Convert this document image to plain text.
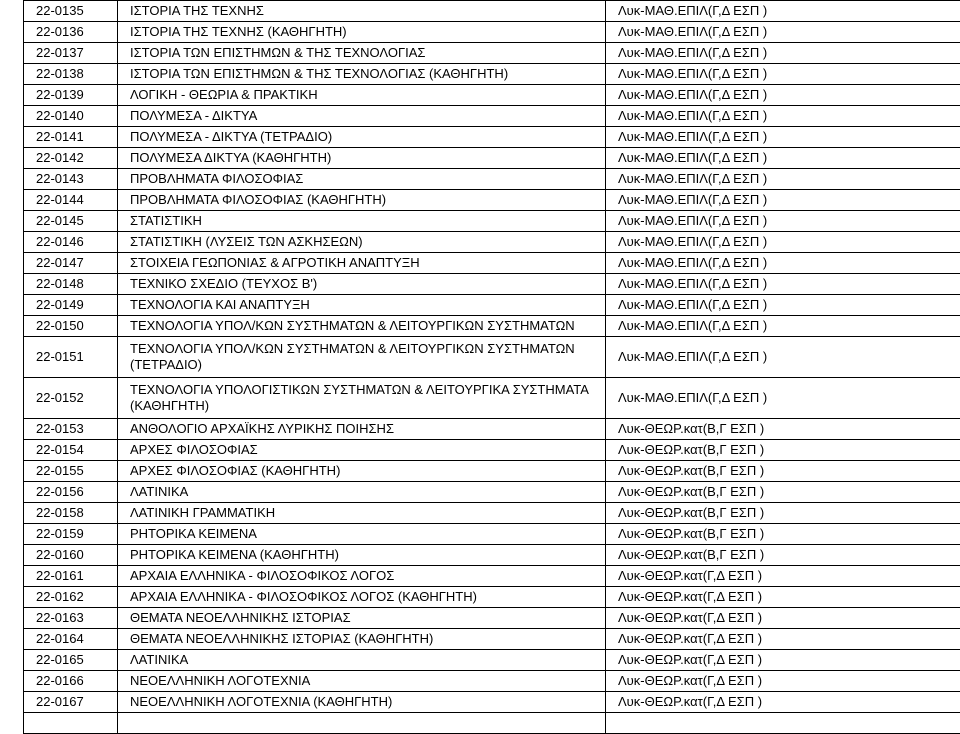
22-0135	ΙΣΤΟΡΙΑ ΤΗΣ ΤΕΧΝΗΣ	Λυκ-ΜΑΘ.ΕΠΙΛ(Γ,Δ ΕΣΠ )
22-0136	ΙΣΤΟΡΙΑ ΤΗΣ ΤΕΧΝΗΣ (ΚΑΘΗΓΗΤΗ)	Λυκ-ΜΑΘ.ΕΠΙΛ(Γ,Δ ΕΣΠ )
22-0137	ΙΣΤΟΡΙΑ ΤΩΝ ΕΠΙΣΤΗΜΩΝ & ΤΗΣ ΤΕΧΝΟΛΟΓΙΑΣ	Λυκ-ΜΑΘ.ΕΠΙΛ(Γ,Δ ΕΣΠ )
22-0138	ΙΣΤΟΡΙΑ ΤΩΝ ΕΠΙΣΤΗΜΩΝ & ΤΗΣ ΤΕΧΝΟΛΟΓΙΑΣ (ΚΑΘΗΓΗΤΗ)	Λυκ-ΜΑΘ.ΕΠΙΛ(Γ,Δ ΕΣΠ )
22-0139	ΛΟΓΙΚΗ - ΘΕΩΡΙΑ & ΠΡΑΚΤΙΚΗ	Λυκ-ΜΑΘ.ΕΠΙΛ(Γ,Δ ΕΣΠ )
22-0140	ΠΟΛΥΜΕΣΑ - ΔΙΚΤΥΑ	Λυκ-ΜΑΘ.ΕΠΙΛ(Γ,Δ ΕΣΠ )
22-0141	ΠΟΛΥΜΕΣΑ - ΔΙΚΤΥΑ (ΤΕΤΡΑΔΙΟ)	Λυκ-ΜΑΘ.ΕΠΙΛ(Γ,Δ ΕΣΠ )
22-0142	ΠΟΛΥΜΕΣΑ ΔΙΚΤΥΑ (ΚΑΘΗΓΗΤΗ)	Λυκ-ΜΑΘ.ΕΠΙΛ(Γ,Δ ΕΣΠ )
22-0143	ΠΡΟΒΛΗΜΑΤΑ ΦΙΛΟΣΟΦΙΑΣ	Λυκ-ΜΑΘ.ΕΠΙΛ(Γ,Δ ΕΣΠ )
22-0144	ΠΡΟΒΛΗΜΑΤΑ ΦΙΛΟΣΟΦΙΑΣ (ΚΑΘΗΓΗΤΗ)	Λυκ-ΜΑΘ.ΕΠΙΛ(Γ,Δ ΕΣΠ )
22-0145	ΣΤΑΤΙΣΤΙΚΗ	Λυκ-ΜΑΘ.ΕΠΙΛ(Γ,Δ ΕΣΠ )
22-0146	ΣΤΑΤΙΣΤΙΚΗ (ΛΥΣΕΙΣ ΤΩΝ ΑΣΚΗΣΕΩΝ)	Λυκ-ΜΑΘ.ΕΠΙΛ(Γ,Δ ΕΣΠ )
22-0147	ΣΤΟΙΧΕΙΑ ΓΕΩΠΟΝΙΑΣ & ΑΓΡΟΤΙΚΗ ΑΝΑΠΤΥΞΗ	Λυκ-ΜΑΘ.ΕΠΙΛ(Γ,Δ ΕΣΠ )
22-0148	ΤΕΧΝΙΚΟ ΣΧΕΔΙΟ (ΤΕΥΧΟΣ Β')	Λυκ-ΜΑΘ.ΕΠΙΛ(Γ,Δ ΕΣΠ )
22-0149	ΤΕΧΝΟΛΟΓΙΑ ΚΑΙ ΑΝΑΠΤΥΞΗ	Λυκ-ΜΑΘ.ΕΠΙΛ(Γ,Δ ΕΣΠ )
22-0150	ΤΕΧΝΟΛΟΓΙΑ ΥΠΟΛ/ΚΩΝ ΣΥΣΤΗΜΑΤΩΝ & ΛΕΙΤΟΥΡΓΙΚΩΝ ΣΥΣΤΗΜΑΤΩΝ	Λυκ-ΜΑΘ.ΕΠΙΛ(Γ,Δ ΕΣΠ )
22-0151	ΤΕΧΝΟΛΟΓΙΑ ΥΠΟΛ/ΚΩΝ ΣΥΣΤΗΜΑΤΩΝ & ΛΕΙΤΟΥΡΓΙΚΩΝ ΣΥΣΤΗΜΑΤΩΝ (ΤΕΤΡΑΔΙΟ)	Λυκ-ΜΑΘ.ΕΠΙΛ(Γ,Δ ΕΣΠ )
22-0152	ΤΕΧΝΟΛΟΓΙΑ ΥΠΟΛΟΓΙΣΤΙΚΩΝ ΣΥΣΤΗΜΑΤΩΝ & ΛΕΙΤΟΥΡΓΙΚΑ ΣΥΣΤΗΜΑΤΑ (ΚΑΘΗΓΗΤΗ)	Λυκ-ΜΑΘ.ΕΠΙΛ(Γ,Δ ΕΣΠ )
22-0153	ΑΝΘΟΛΟΓΙΟ ΑΡΧΑΪΚΗΣ ΛΥΡΙΚΗΣ ΠΟΙΗΣΗΣ	Λυκ-ΘΕΩΡ.κατ(Β,Γ ΕΣΠ )
22-0154	ΑΡΧΕΣ ΦΙΛΟΣΟΦΙΑΣ	Λυκ-ΘΕΩΡ.κατ(Β,Γ ΕΣΠ )
22-0155	ΑΡΧΕΣ ΦΙΛΟΣΟΦΙΑΣ (ΚΑΘΗΓΗΤΗ)	Λυκ-ΘΕΩΡ.κατ(Β,Γ ΕΣΠ )
22-0156	ΛΑΤΙΝΙΚΑ	Λυκ-ΘΕΩΡ.κατ(Β,Γ ΕΣΠ )
22-0158	ΛΑΤΙΝΙΚΗ ΓΡΑΜΜΑΤΙΚΗ	Λυκ-ΘΕΩΡ.κατ(Β,Γ ΕΣΠ )
22-0159	ΡΗΤΟΡΙΚΑ ΚΕΙΜΕΝΑ	Λυκ-ΘΕΩΡ.κατ(Β,Γ ΕΣΠ )
22-0160	ΡΗΤΟΡΙΚΑ ΚΕΙΜΕΝΑ (ΚΑΘΗΓΗΤΗ)	Λυκ-ΘΕΩΡ.κατ(Β,Γ ΕΣΠ )
22-0161	ΑΡΧΑΙΑ ΕΛΛΗΝΙΚΑ - ΦΙΛΟΣΟΦΙΚΟΣ ΛΟΓΟΣ	Λυκ-ΘΕΩΡ.κατ(Γ,Δ ΕΣΠ )
22-0162	ΑΡΧΑΙΑ ΕΛΛΗΝΙΚΑ - ΦΙΛΟΣΟΦΙΚΟΣ ΛΟΓΟΣ (ΚΑΘΗΓΗΤΗ)	Λυκ-ΘΕΩΡ.κατ(Γ,Δ ΕΣΠ )
22-0163	ΘΕΜΑΤΑ ΝΕΟΕΛΛΗΝΙΚΗΣ ΙΣΤΟΡΙΑΣ	Λυκ-ΘΕΩΡ.κατ(Γ,Δ ΕΣΠ )
22-0164	ΘΕΜΑΤΑ ΝΕΟΕΛΛΗΝΙΚΗΣ ΙΣΤΟΡΙΑΣ (ΚΑΘΗΓΗΤΗ)	Λυκ-ΘΕΩΡ.κατ(Γ,Δ ΕΣΠ )
22-0165	ΛΑΤΙΝΙΚΑ	Λυκ-ΘΕΩΡ.κατ(Γ,Δ ΕΣΠ )
22-0166	ΝΕΟΕΛΛΗΝΙΚΗ ΛΟΓΟΤΕΧΝΙΑ	Λυκ-ΘΕΩΡ.κατ(Γ,Δ ΕΣΠ )
22-0167	ΝΕΟΕΛΛΗΝΙΚΗ ΛΟΓΟΤΕΧΝΙΑ (ΚΑΘΗΓΗΤΗ)	Λυκ-ΘΕΩΡ.κατ(Γ,Δ ΕΣΠ )
